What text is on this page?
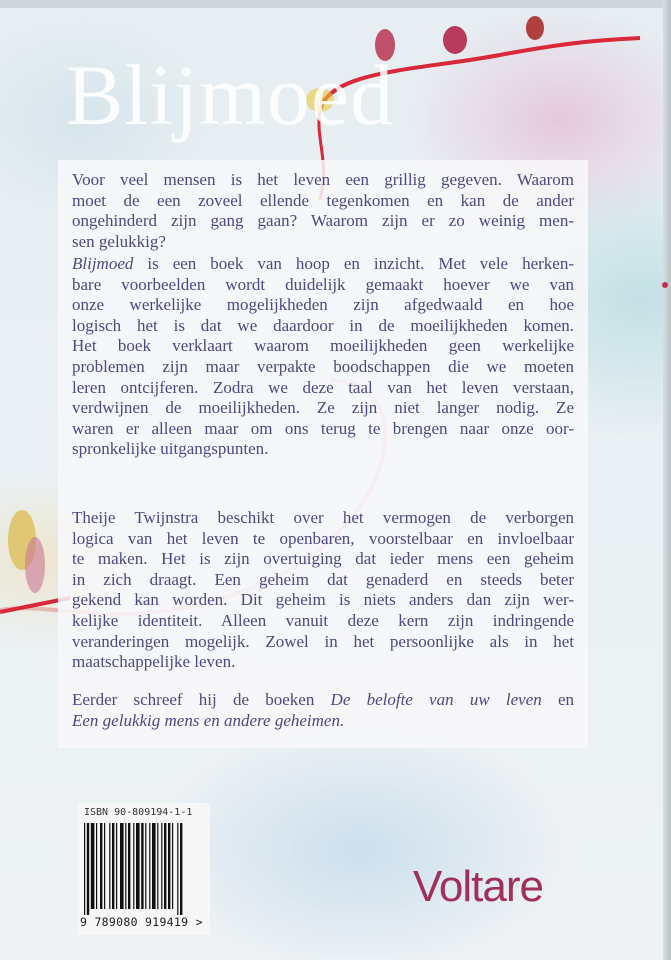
Blijmoed
Voor veel mensen is het leven een grillig gegeven. Waarom
moet de een zoveel ellende tegenkomen en kan de ander
ongehinderd zijn gang gaan? Waarom zijn er zo weinig men-
sen gelukkig?
Blijmoed is een boek van hoop en inzicht. Met vele herken-
bare voorbeelden wordt duidelijk gemaakt hoever we van
onze werkelijke mogelijkheden zijn afgedwaald en hoe
logisch het is dat we daardoor in de moeilijkheden komen.
Het boek verklaart waarom moeilijkheden geen werkelijke
problemen zijn maar verpakte boodschappen die we moeten
leren ontcijferen. Zodra we deze taal van het leven verstaan,
verdwijnen de moeilijkheden. Ze zijn niet langer nodig. Ze
waren er alleen maar om ons terug te brengen naar onze oor-
spronkelijke uitgangspunten.
Theije Twijnstra beschikt over het vermogen de verborgen
logica van het leven te openbaren, voorstelbaar en invloelbaar
te maken. Het is zijn overtuiging dat ieder mens een geheim
in zich draagt. Een geheim dat genaderd en steeds beter
gekend kan worden. Dit geheim is niets anders dan zijn wer-
kelijke identiteit. Alleen vanuit deze kern zijn indringende
veranderingen mogelijk. Zowel in het persoonlijke als in het
maatschappelijke leven.
Eerder schreef hij de boeken De belofte van uw leven en
Een gelukkig mens en andere geheimen.
ISBN 90-809194-1-1
9 789080 919419 >
Voltare
